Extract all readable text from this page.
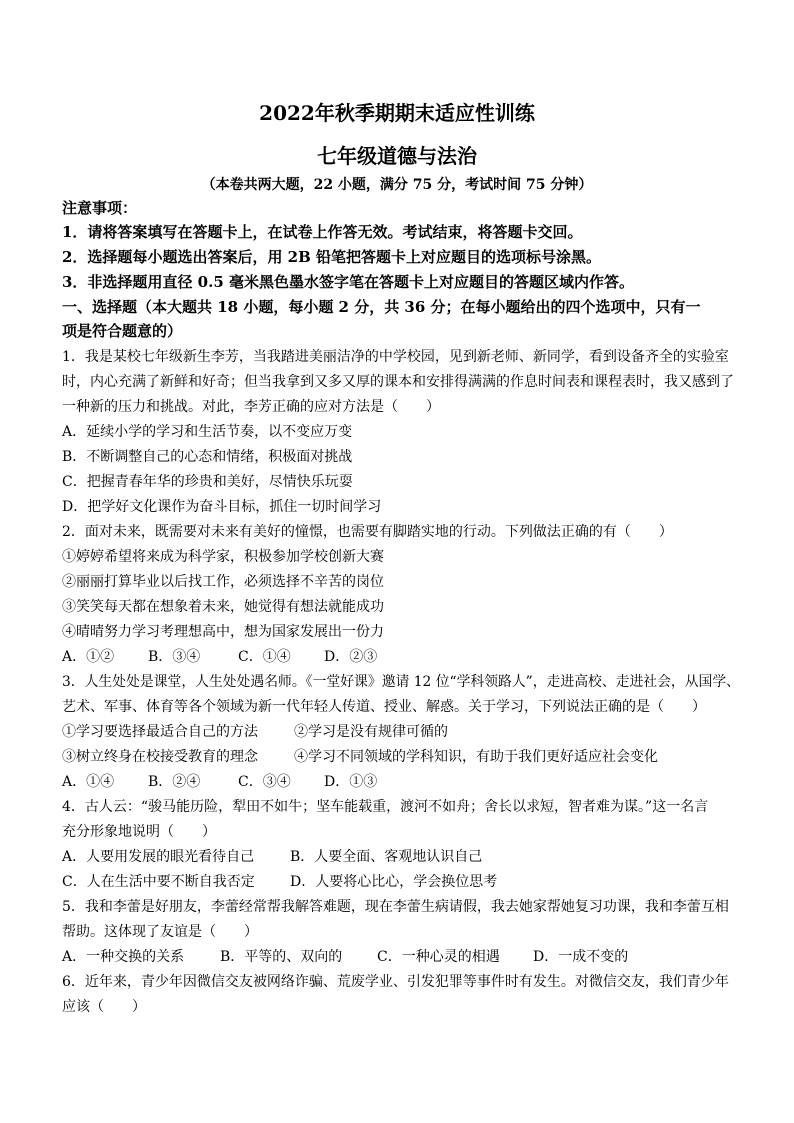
2022年秋季期期末适应性训练
七年级道德与法治
（本卷共两大题，22 小题，满分 75 分，考试时间 75 分钟）
注意事项：
1．请将答案填写在答题卡上，在试卷上作答无效。考试结束，将答题卡交回。
2．选择题每小题选出答案后，用 2B 铅笔把答题卡上对应题目的选项标号涂黑。
3．非选择题用直径 0.5 毫米黑色墨水签字笔在答题卡上对应题目的答题区域内作答。
一、选择题（本大题共 18 小题，每小题 2 分，共 36 分；在每小题给出的四个选项中，只有一
项是符合题意的）
1．我是某校七年级新生李芳，当我踏进美丽洁净的中学校园，见到新老师、新同学，看到设备齐全的实验室
时，内心充满了新鲜和好奇；但当我拿到又多又厚的课本和安排得满满的作息时间表和课程表时，我又感到了
一种新的压力和挑战。对此，李芳正确的应对方法是（　　）
A．延续小学的学习和生活节奏，以不变应万变
B．不断调整自己的心态和情绪，积极面对挑战
C．把握青春年华的珍贵和美好，尽情快乐玩耍
D．把学好文化课作为奋斗目标，抓住一切时间学习
2．面对未来，既需要对未来有美好的憧憬，也需要有脚踏实地的行动。下列做法正确的有（　　）
①婷婷希望将来成为科学家，积极参加学校创新大赛
②丽丽打算毕业以后找工作，必须选择不辛苦的岗位
③笑笑每天都在想象着未来，她觉得有想法就能成功
④晴晴努力学习考理想高中，想为国家发展出一份力
A．①② B．③④	C．①④ D．②③
3．人生处处是课堂，人生处处遇名师。《一堂好课》邀请 12 位“学科领路人”，走进高校、走进社会，从国学、
艺术、军事、体育等各个领域为新一代年轻人传道、授业、解惑。关于学习，下列说法正确的是（　　）
①学习要选择最适合自己的方法	②学习是没有规律可循的
③树立终身在校接受教育的理念	④学习不同领域的学科知识，有助于我们更好适应社会变化
A．①④ B．②④	C．③④ D．①③
4．古人云：“骏马能历险，犁田不如牛；坚车能载重，渡河不如舟；舍长以求短，智者难为谋。”这一名言
充分形象地说明（　　）
A．人要用发展的眼光看待自己	B．人要全面、客观地认识自己
C．人在生活中要不断自我否定	D．人要将心比心，学会换位思考
5．我和李蕾是好朋友，李蕾经常帮我解答难题，现在李蕾生病请假，我去她家帮她复习功课，我和李蕾互相
帮助。这体现了友谊是（　　）
A．一种交换的关系	B．平等的、双向的 C．一种心灵的相遇 D．一成不变的
6．近年来，青少年因微信交友被网络诈骗、荒废学业、引发犯罪等事件时有发生。对微信交友，我们青少年
应该（　　）
